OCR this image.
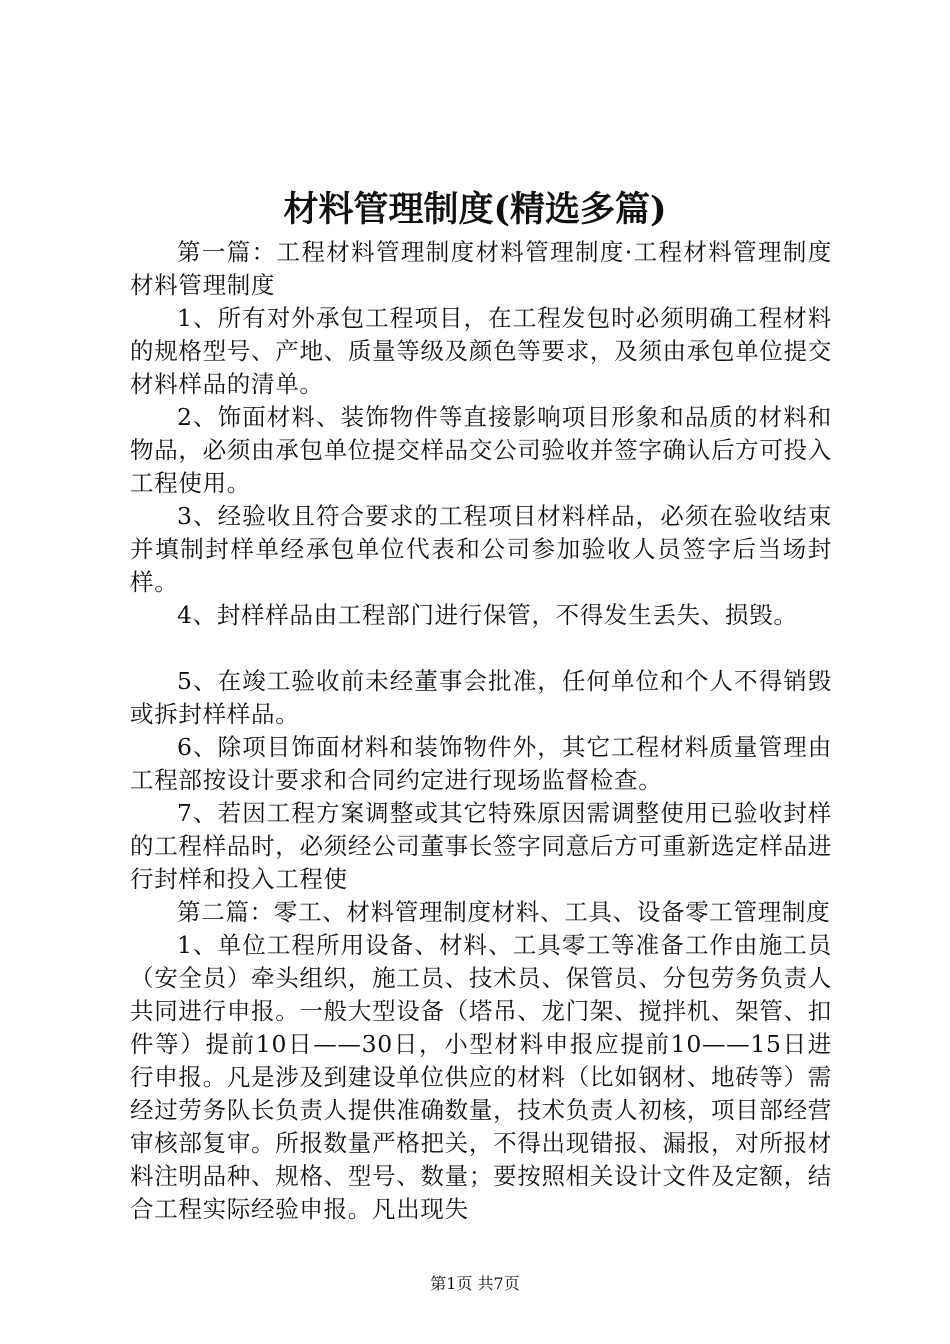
材料管理制度(精选多篇)

第一篇：工程材料管理制度材料管理制度·工程材料管理制度材料管理制度

1、所有对外承包工程项目，在工程发包时必须明确工程材料的规格型号、产地、质量等级及颜色等要求，及须由承包单位提交材料样品的清单。

2、饰面材料、装饰物件等直接影响项目形象和品质的材料和物品，必须由承包单位提交样品交公司验收并签字确认后方可投入工程使用。

3、经验收且符合要求的工程项目材料样品，必须在验收结束并填制封样单经承包单位代表和公司参加验收人员签字后当场封样。

4、封样样品由工程部门进行保管，不得发生丢失、损毁。

5、在竣工验收前未经董事会批准，任何单位和个人不得销毁或拆封样样品。

6、除项目饰面材料和装饰物件外，其它工程材料质量管理由工程部按设计要求和合同约定进行现场监督检查。

7、若因工程方案调整或其它特殊原因需调整使用已验收封样的工程样品时，必须经公司董事长签字同意后方可重新选定样品进行封样和投入工程使

第二篇：零工、材料管理制度材料、工具、设备零工管理制度

1、单位工程所用设备、材料、工具零工等准备工作由施工员（安全员）牵头组织，施工员、技术员、保管员、分包劳务负责人共同进行申报。一般大型设备（塔吊、龙门架、搅拌机、架管、扣件等）提前10日——30日，小型材料申报应提前10——15日进行申报。凡是涉及到建设单位供应的材料（比如钢材、地砖等）需经过劳务队长负责人提供准确数量，技术负责人初核，项目部经营审核部复审。所报数量严格把关，不得出现错报、漏报，对所报材料注明品种、规格、型号、数量；要按照相关设计文件及定额，结合工程实际经验申报。凡出现失

第1页 共7页
